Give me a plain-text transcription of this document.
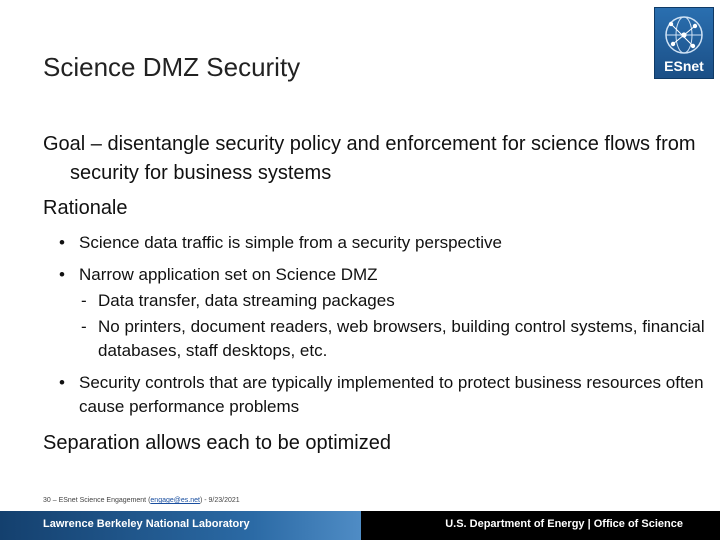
Science DMZ Security	ESnet
Goal – disentangle security policy and enforcement for science flows from security for business systems
Rationale
• Science data traffic is simple from a security perspective
• Narrow application set on Science DMZ
- Data transfer, data streaming packages
- No printers, document readers, web browsers, building control systems, financial databases, staff desktops, etc.
• Security controls that are typically implemented to protect business resources often cause performance problems
Separation allows each to be optimized
30 – ESnet Science Engagement (engage@es.net) - 9/23/2021
Lawrence Berkeley National Laboratory	U.S. Department of Energy | Office of Science
